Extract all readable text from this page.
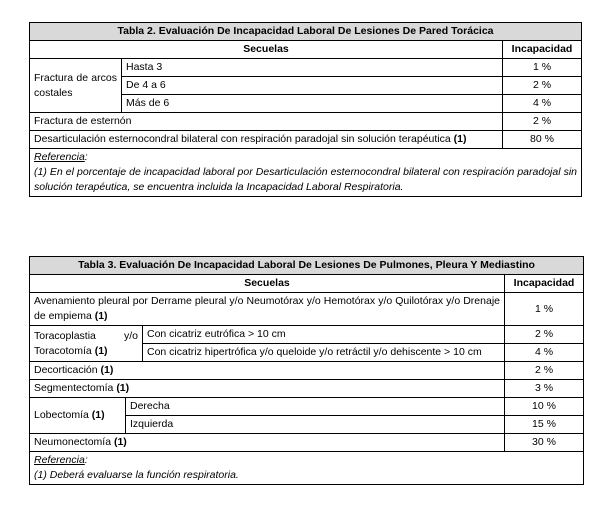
Tabla 2. Evaluación De Incapacidad Laboral De Lesiones De Pared Torácica		
Secuelas		Incapacidad
Fractura de arcos costales	Hasta 3	1 %
	De 4 a 6	2 %
	Más de 6	4 %
Fractura de esternón		2 %
Desarticulación esternocondral bilateral con respiración paradojal sin solución terapéutica (1)		80 %
Referencia:
(1) En el porcentaje de incapacidad laboral por Desarticulación esternocondral bilateral con respiración paradojal sin solución terapéutica, se encuentra incluida la Incapacidad Laboral Respiratoria.		
Tabla 3. Evaluación De Incapacidad Laboral De Lesiones De Pulmones, Pleura Y Mediastino			
Secuelas			Incapacidad
Avenamiento pleural por Derrame pleural y/o Neumotórax y/o Hemotórax y/o Quilotórax y/o Drenaje de empiema (1)			1 %
Toracoplastia y/o Toracotomía (1)		Con cicatriz eutrófica > 10 cm	2 %
		Con cicatriz hipertrófica y/o queloide y/o retráctil y/o dehiscente > 10 cm	4 %
Decorticación (1)			2 %
Segmentectomía (1)			3 %
Lobectomía (1)	Derecha		10 %
	Izquierda		15 %
Neumonectomía (1)			30 %
Referencia:
(1) Deberá evaluarse la función respiratoria.			
